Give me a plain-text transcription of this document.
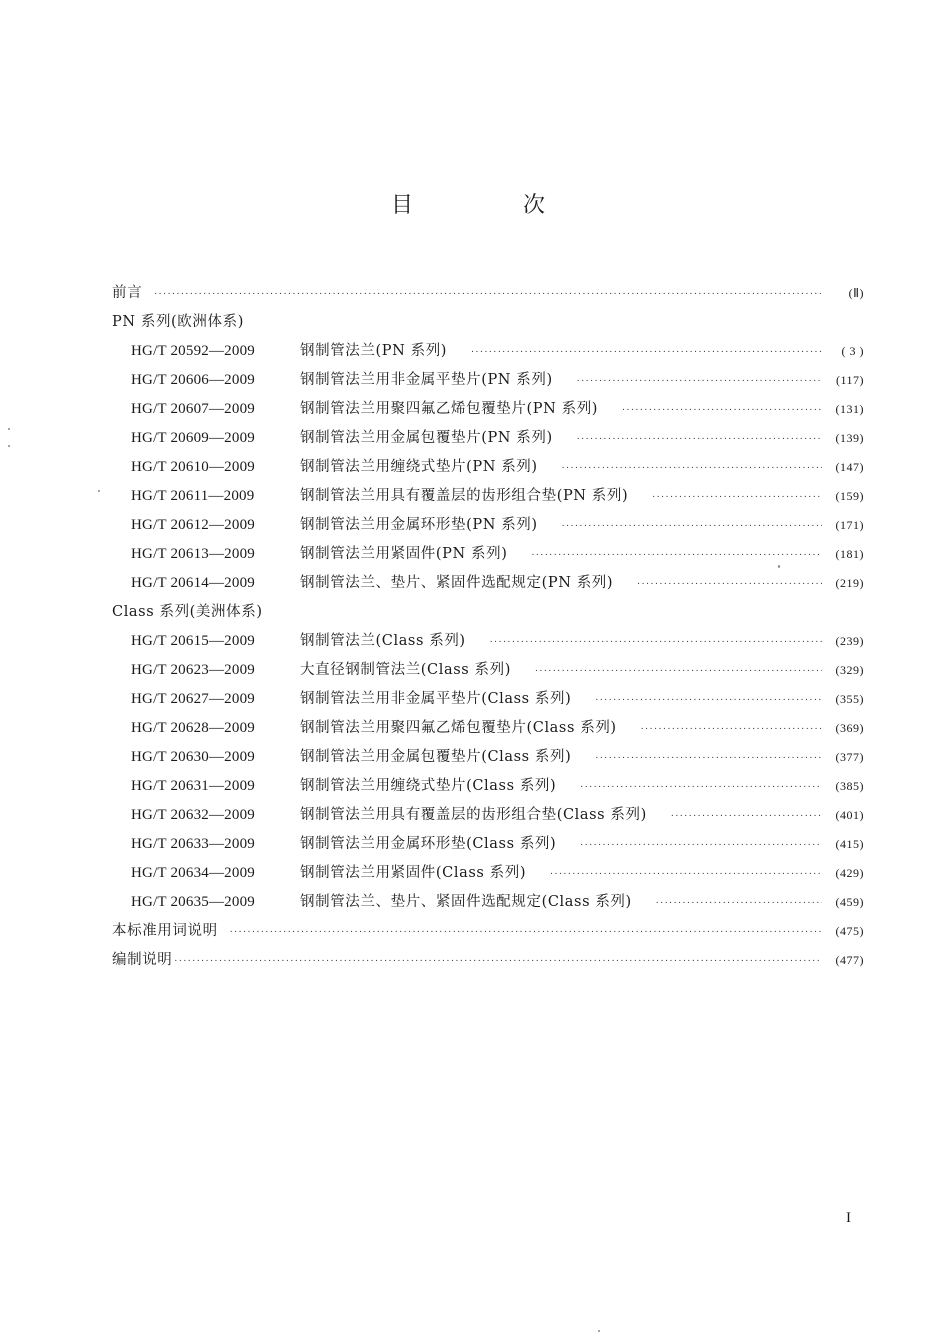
目　次
前言 .....	(Ⅱ)
PN 系列(欧洲体系)
HG/T 20592—2009	钢制管法兰(PN 系列) .....	( 3 )
HG/T 20606—2009	钢制管法兰用非金属平垫片(PN 系列) .....	(117)
HG/T 20607—2009	钢制管法兰用聚四氟乙烯包覆垫片(PN 系列) .....	(131)
HG/T 20609—2009	钢制管法兰用金属包覆垫片(PN 系列) .....	(139)
HG/T 20610—2009	钢制管法兰用缠绕式垫片(PN 系列) .....	(147)
HG/T 20611—2009	钢制管法兰用具有覆盖层的齿形组合垫(PN 系列) .....	(159)
HG/T 20612—2009	钢制管法兰用金属环形垫(PN 系列) .....	(171)
HG/T 20613—2009	钢制管法兰用紧固件(PN 系列) .....	(181)
HG/T 20614—2009	钢制管法兰、垫片、紧固件选配规定(PN 系列) .....	(219)
Class 系列(美洲体系)
HG/T 20615—2009	钢制管法兰(Class 系列) .....	(239)
HG/T 20623—2009	大直径钢制管法兰(Class 系列) .....	(329)
HG/T 20627—2009	钢制管法兰用非金属平垫片(Class 系列) .....	(355)
HG/T 20628—2009	钢制管法兰用聚四氟乙烯包覆垫片(Class 系列) .....	(369)
HG/T 20630—2009	钢制管法兰用金属包覆垫片(Class 系列) .....	(377)
HG/T 20631—2009	钢制管法兰用缠绕式垫片(Class 系列) .....	(385)
HG/T 20632—2009	钢制管法兰用具有覆盖层的齿形组合垫(Class 系列) .....	(401)
HG/T 20633—2009	钢制管法兰用金属环形垫(Class 系列) .....	(415)
HG/T 20634—2009	钢制管法兰用紧固件(Class 系列) .....	(429)
HG/T 20635—2009	钢制管法兰、垫片、紧固件选配规定(Class 系列) .....	(459)
本标准用词说明 .....	(475)
编制说明 .....	(477)
I
